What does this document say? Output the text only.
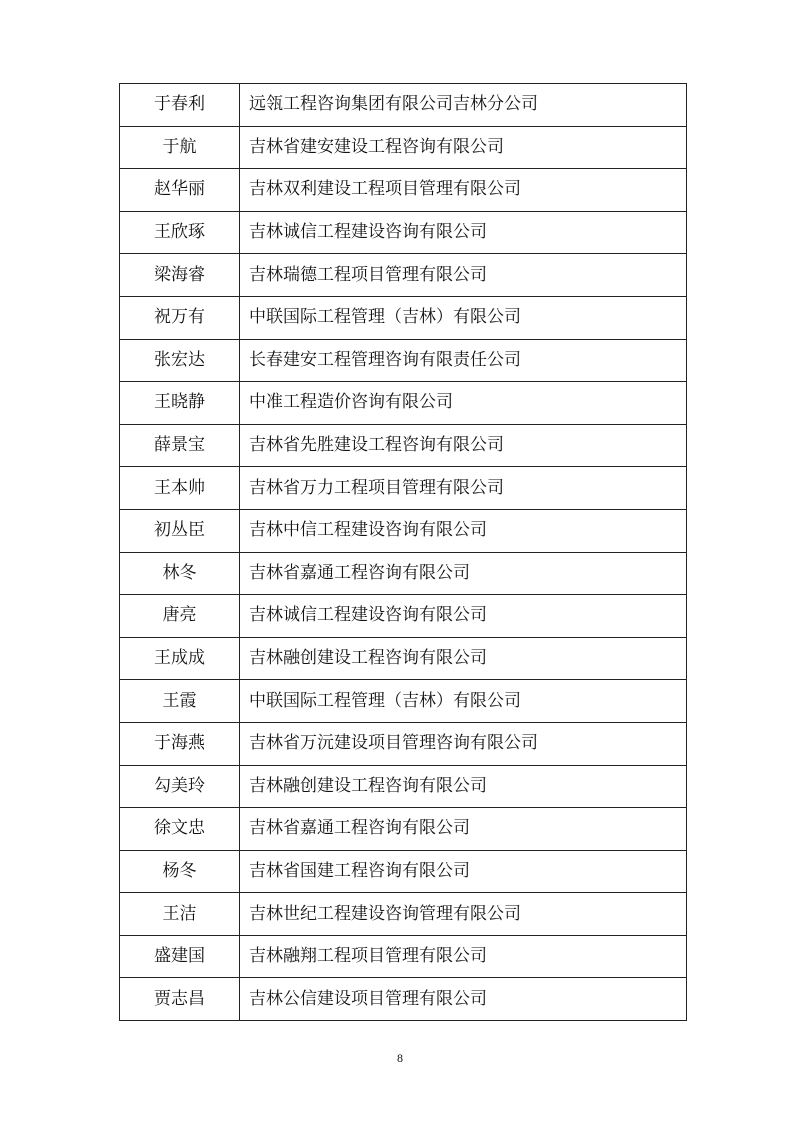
于春利	远瓴工程咨询集团有限公司吉林分公司
于航	吉林省建安建设工程咨询有限公司
赵华丽	吉林双利建设工程项目管理有限公司
王欣琢	吉林诚信工程建设咨询有限公司
梁海睿	吉林瑞德工程项目管理有限公司
祝万有	中联国际工程管理（吉林）有限公司
张宏达	长春建安工程管理咨询有限责任公司
王晓静	中准工程造价咨询有限公司
薛景宝	吉林省先胜建设工程咨询有限公司
王本帅	吉林省万力工程项目管理有限公司
初丛臣	吉林中信工程建设咨询有限公司
林冬	吉林省嘉通工程咨询有限公司
唐亮	吉林诚信工程建设咨询有限公司
王成成	吉林融创建设工程咨询有限公司
王霞	中联国际工程管理（吉林）有限公司
于海燕	吉林省万沅建设项目管理咨询有限公司
勾美玲	吉林融创建设工程咨询有限公司
徐文忠	吉林省嘉通工程咨询有限公司
杨冬	吉林省国建工程咨询有限公司
王洁	吉林世纪工程建设咨询管理有限公司
盛建国	吉林融翔工程项目管理有限公司
贾志昌	吉林公信建设项目管理有限公司
8
